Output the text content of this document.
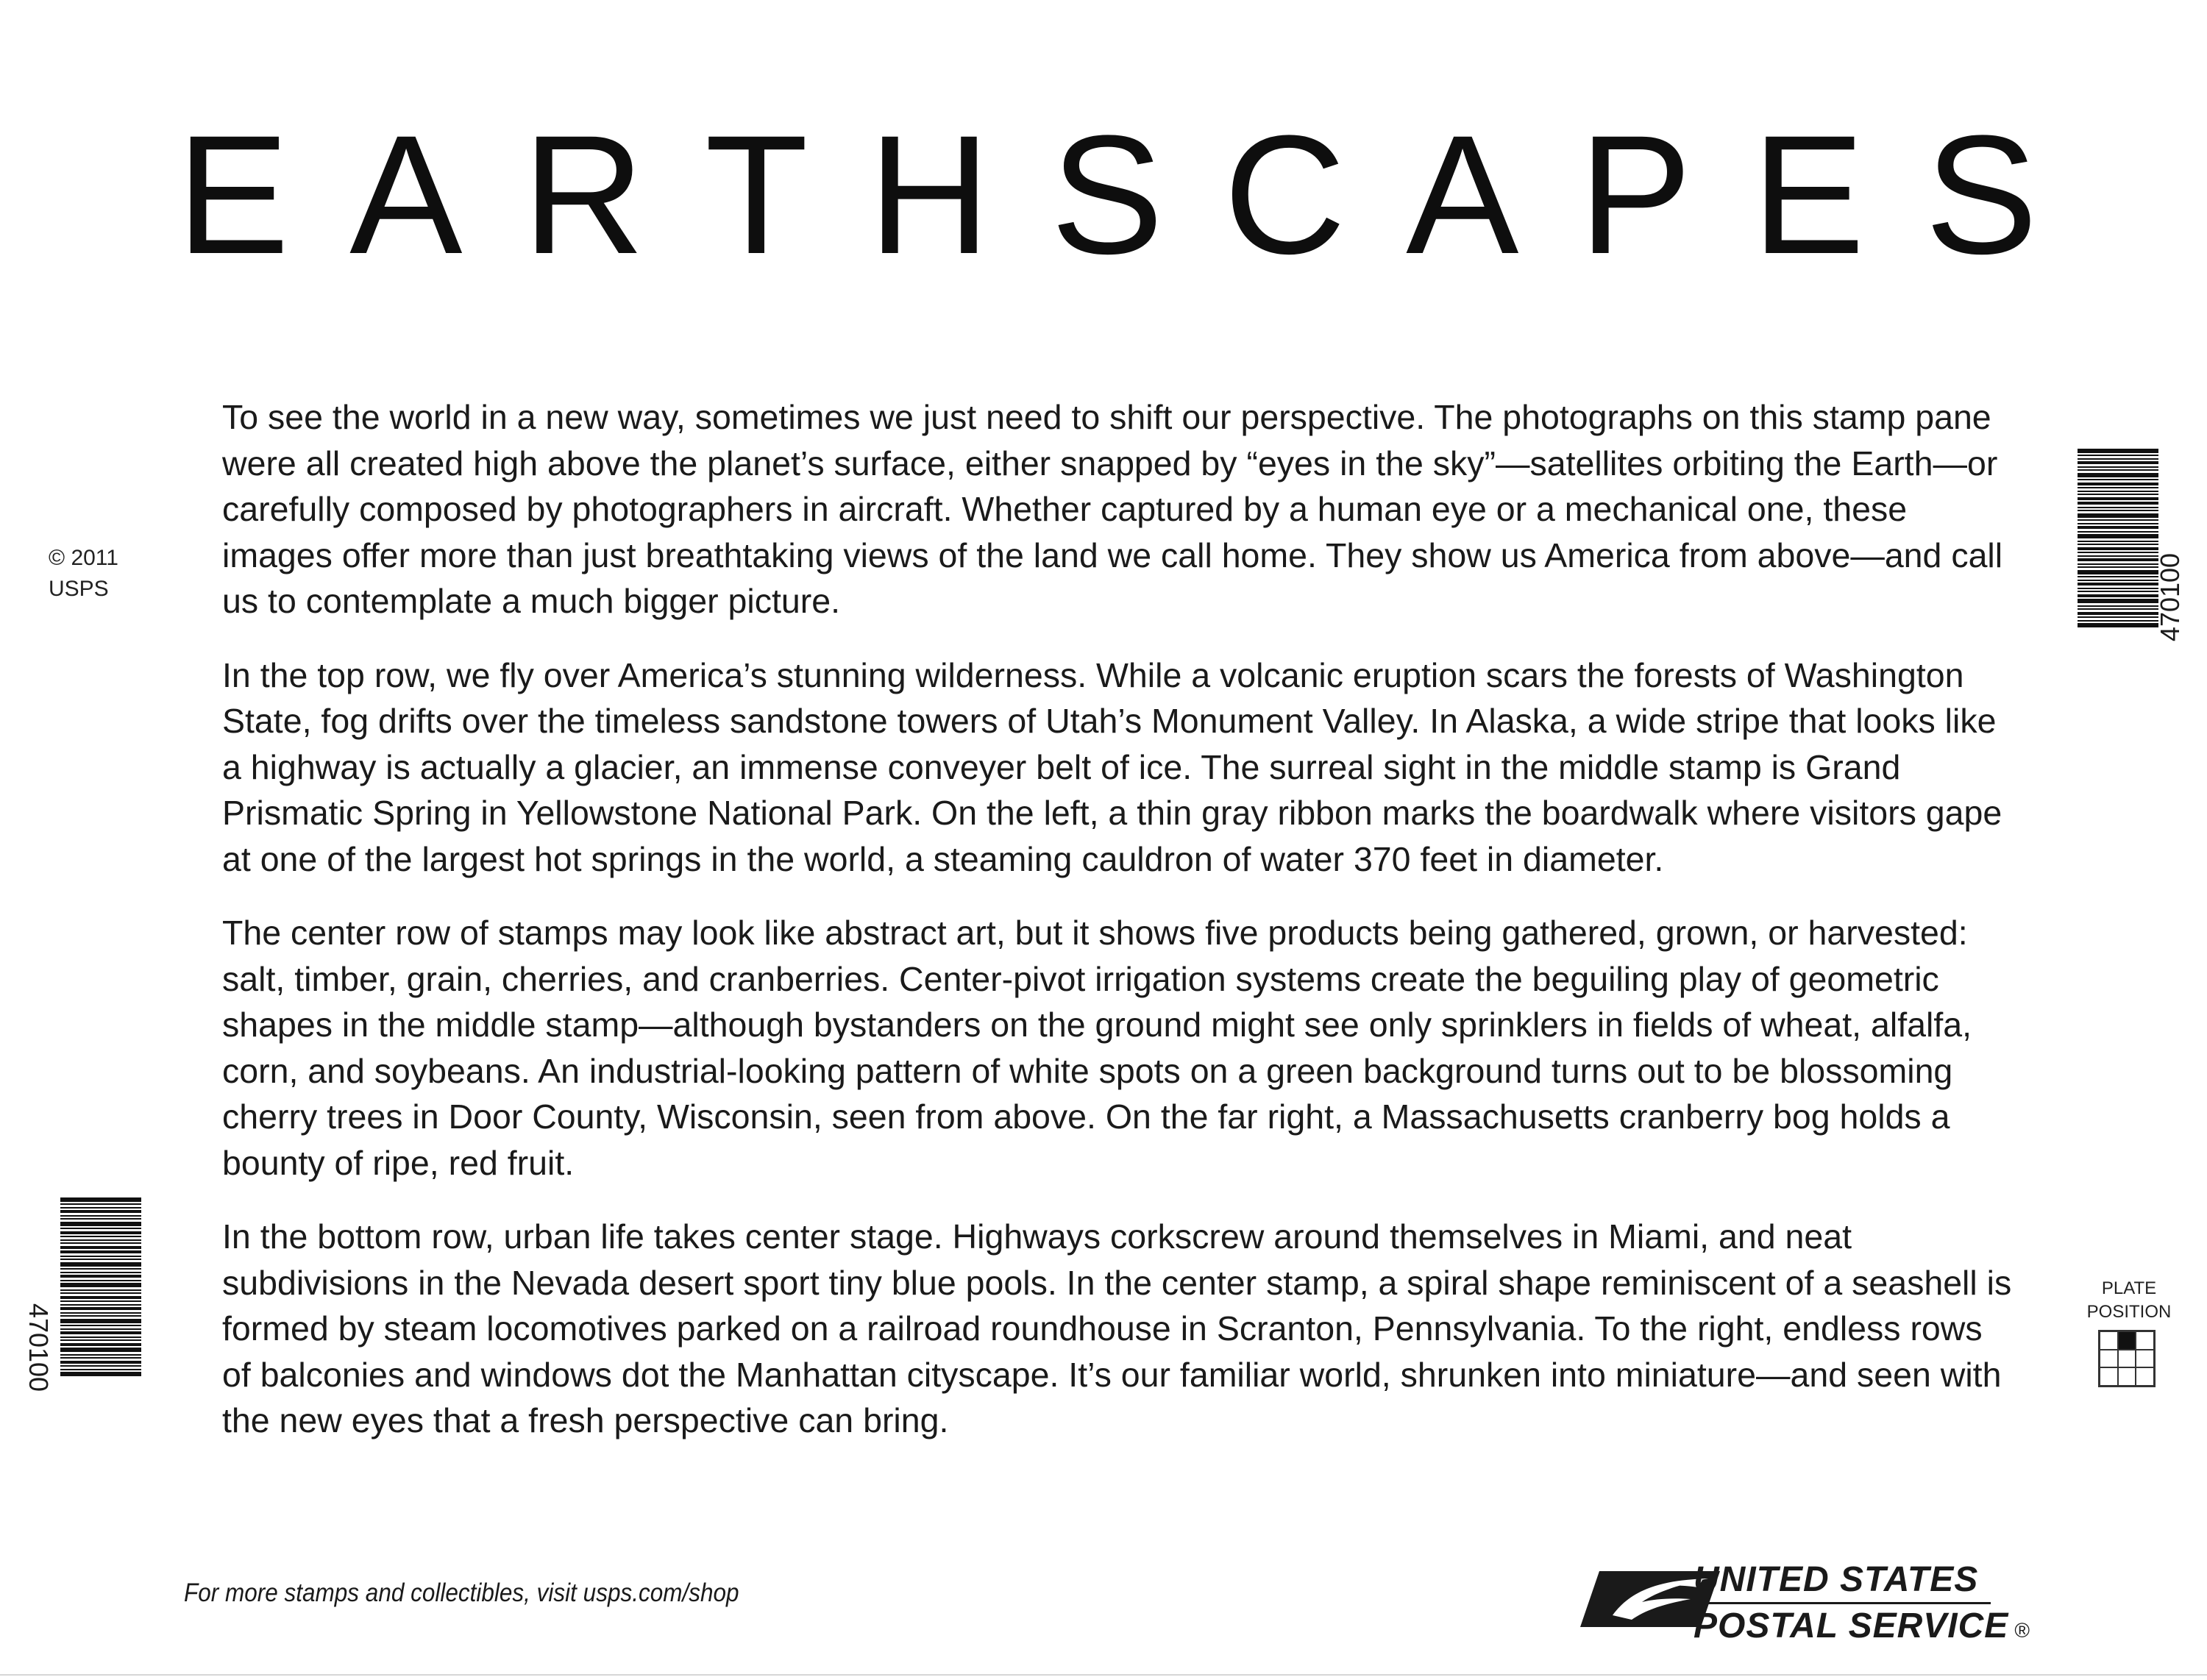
E A R T H S C A P E S
© 2011
USPS

To see the world in a new way, sometimes we just need to shift our perspective. The photographs on this stamp pane were all created high above the planet’s surface, either snapped by “eyes in the sky”—satellites orbiting the Earth—or carefully composed by photographers in aircraft. Whether captured by a human eye or a mechanical one, these images offer more than just breathtaking views of the land we call home. They show us America from above—and call us to contemplate a much bigger picture.

In the top row, we fly over America’s stunning wilderness. While a volcanic eruption scars the forests of Washington State, fog drifts over the timeless sandstone towers of Utah’s Monument Valley. In Alaska, a wide stripe that looks like a highway is actually a glacier, an immense conveyer belt of ice. The surreal sight in the middle stamp is Grand Prismatic Spring in Yellowstone National Park. On the left, a thin gray ribbon marks the boardwalk where visitors gape at one of the largest hot springs in the world, a steaming cauldron of water 370 feet in diameter.

The center row of stamps may look like abstract art, but it shows five products being gathered, grown, or harvested: salt, timber, grain, cherries, and cranberries. Center-pivot irrigation systems create the beguiling play of geometric shapes in the middle stamp—although bystanders on the ground might see only sprinklers in fields of wheat, alfalfa, corn, and soybeans. An industrial-looking pattern of white spots on a green background turns out to be blossoming cherry trees in Door County, Wisconsin, seen from above. On the far right, a Massachusetts cranberry bog holds a bounty of ripe, red fruit.

In the bottom row, urban life takes center stage. Highways corkscrew around themselves in Miami, and neat subdivisions in the Nevada desert sport tiny blue pools. In the center stamp, a spiral shape reminiscent of a seashell is formed by steam locomotives parked on a railroad roundhouse in Scranton, Pennsylvania. To the right, endless rows of balconies and windows dot the Manhattan cityscape. It’s our familiar world, shrunken into miniature—and seen with the new eyes that a fresh perspective can bring.

470100
470100
PLATE
POSITION
For more stamps and collectibles, visit usps.com/shop	UNITED STATES
POSTAL SERVICE ®
